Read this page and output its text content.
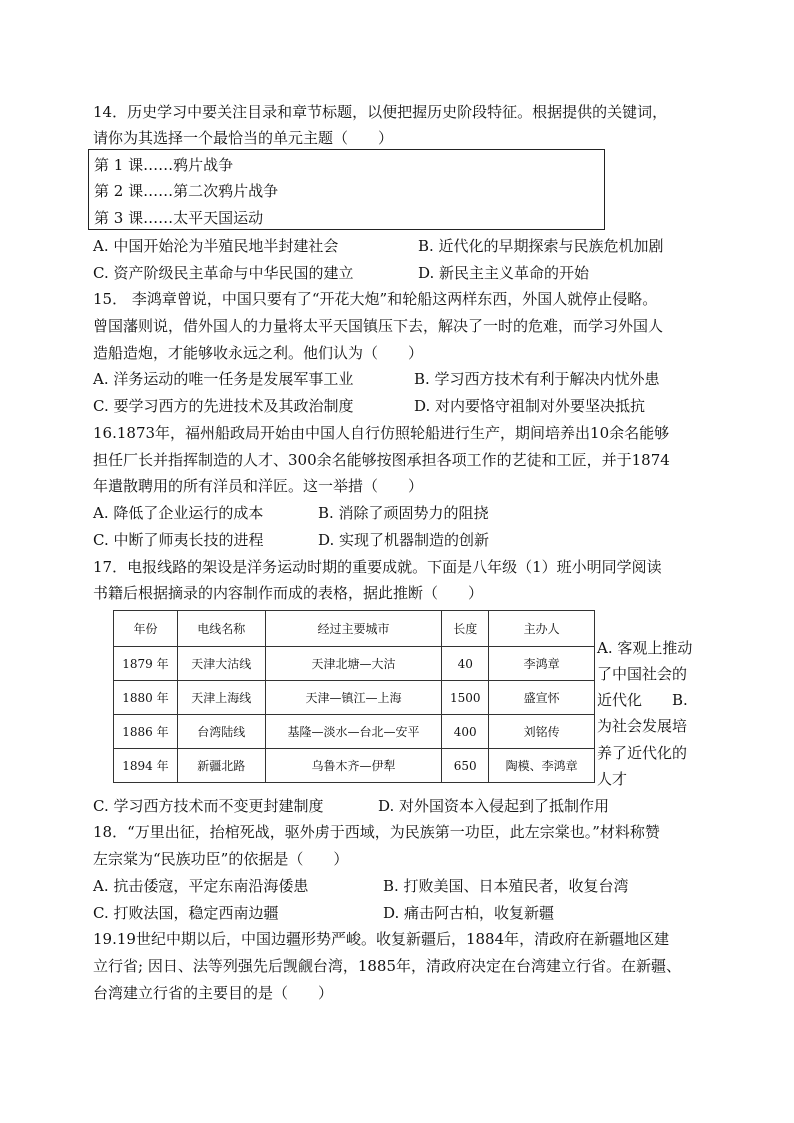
14．历史学习中要关注目录和章节标题，以便把握历史阶段特征。根据提供的关键词，
请你为其选择一个最恰当的单元主题（　　）
第 1 课……鸦片战争
第 2 课……第二次鸦片战争
第 3 课……太平天国运动
A. 中国开始沦为半殖民地半封建社会	B. 近代化的早期探索与民族危机加剧
C. 资产阶级民主革命与中华民国的建立	D. 新民主主义革命的开始
15． 李鸿章曾说，中国只要有了“开花大炮”和轮船这两样东西，外国人就停止侵略。
曾国藩则说，借外国人的力量将太平天国镇压下去，解决了一时的危难，而学习外国人
造船造炮，才能够收永远之利。他们认为（　　）
A. 洋务运动的唯一任务是发展军事工业	B. 学习西方技术有利于解决内忧外患
C. 要学习西方的先进技术及其政治制度	D. 对内要恪守祖制对外要坚决抵抗
16.1873年，福州船政局开始由中国人自行仿照轮船进行生产，期间培养出10余名能够
担任厂长并指挥制造的人才、300余名能够按图承担各项工作的艺徒和工匠，并于1874
年遣散聘用的所有洋员和洋匠。这一举措（　　）
A. 降低了企业运行的成本	B. 消除了顽固势力的阻挠
C. 中断了师夷长技的进程	D. 实现了机器制造的创新
17．电报线路的架设是洋务运动时期的重要成就。下面是八年级（1）班小明同学阅读
书籍后根据摘录的内容制作而成的表格，据此推断（　　）
年份	电线名称	经过主要城市	长度	主办人
1879 年	天津大沽线	天津北塘—大沽	40	李鸿章
1880 年	天津上海线	天津—镇江—上海	1500	盛宣怀
1886 年	台湾陆线	基隆—淡水—台北—安平	400	刘铭传
1894 年	新疆北路	乌鲁木齐—伊犁	650	陶模、李鸿章
A. 客观上推动
了中国社会的
近代化　　B.
为社会发展培
养了近代化的
人才
C. 学习西方技术而不变更封建制度	D. 对外国资本入侵起到了抵制作用
18．“万里出征，抬棺死战，驱外虏于西域，为民族第一功臣，此左宗棠也。”材料称赞
左宗棠为“民族功臣”的依据是（　　）
A. 抗击倭寇，平定东南沿海倭患	B. 打败美国、日本殖民者，收复台湾
C. 打败法国，稳定西南边疆	D. 痛击阿古柏，收复新疆
19.19世纪中期以后，中国边疆形势严峻。收复新疆后，1884年，清政府在新疆地区建
立行省; 因日、法等列强先后觊觎台湾，1885年，清政府决定在台湾建立行省。在新疆、
台湾建立行省的主要目的是（　　）
